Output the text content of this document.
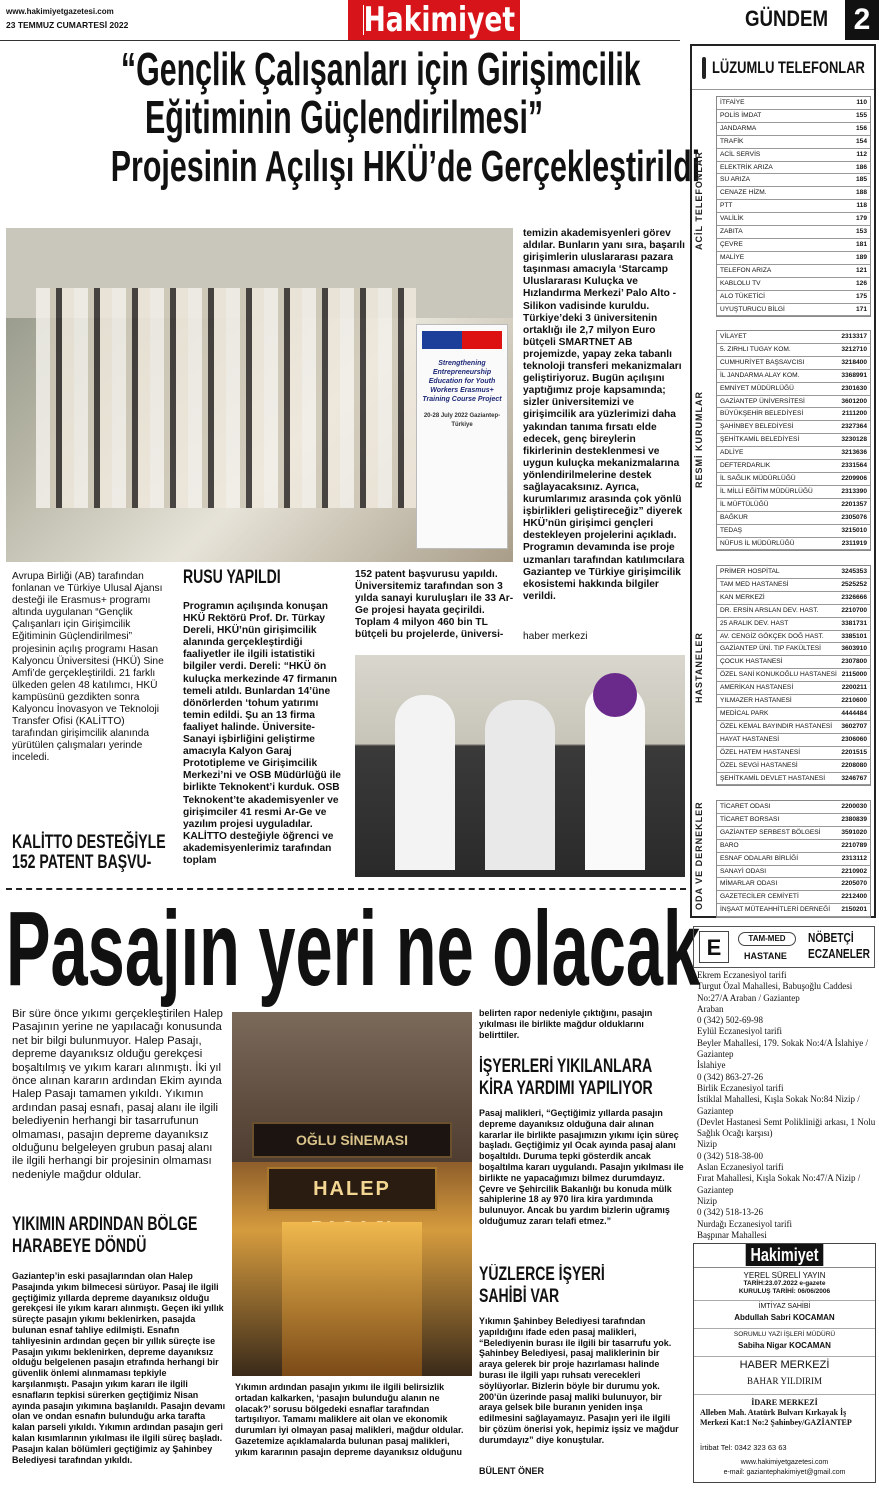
www.hakimiyetgazetesi.com
23 TEMMUZ CUMARTESİ 2022	Hakimiyet	GÜNDEM 2
“Gençlik Çalışanları için Girişimcilik
Eğitiminin Güçlendirilmesi”
Projesinin Açılışı HKÜ’de Gerçekleştirildi
Strengthening Entrepreneurship Education for Youth Workers Erasmus+ Training Course Project
20-28 July 2022 Gaziantep-Türkiye
temizin akademisyenleri görev aldılar. Bunların yanı sıra, başarılı girişimlerin uluslararası pazara taşınması amacıyla ‘Starcamp Uluslararası Kuluçka ve Hızlandırma Merkezi’ Palo Alto - Silikon vadisinde kuruldu. Türkiye’deki 3 üniversitenin ortaklığı ile 2,7 milyon Euro bütçeli SMARTNET AB projemizde, yapay zeka tabanlı teknoloji transferi mekanizmaları geliştiriyoruz. Bugün açılışını yaptığımız proje kapsamında; sizler üniversitemizi ve girişimcilik ara yüzlerimizi daha yakından tanıma fırsatı elde edecek, genç bireylerin fikirlerinin desteklenmesi ve uygun kuluçka mekanizmalarına yönlendirilmelerine destek sağlayacaksınız. Ayrıca, kurumlarımız arasında çok yönlü işbirlikleri geliştireceğiz” diyerek HKÜ’nün girişimci gençleri destekleyen projelerini açıkladı. Programın devamında ise proje uzmanları tarafından katılımcılara Gaziantep ve Türkiye girişimcilik ekosistemi hakkında bilgiler verildi.
haber merkezi
Avrupa Birliği (AB) tarafından fonlanan ve Türkiye Ulusal Ajansı desteği ile Erasmus+ programı altında uygulanan “Gençlik Çalışanları için Girişimcilik Eğitiminin Güçlendirilmesi” projesinin açılış programı Hasan Kalyoncu Üniversitesi (HKÜ) Sine Amfi’de gerçekleştirildi. 21 farklı ülkeden gelen 48 katılımcı, HKÜ kampüsünü gezdikten sonra Kalyoncu İnovasyon ve Teknoloji Transfer Ofisi (KALİTTO) tarafından girişimcilik alanında yürütülen çalışmaları yerinde inceledi.
KALİTTO DESTEĞİYLE 152 PATENT BAŞVU-
RUSU YAPILDI
Programın açılışında konuşan HKÜ Rektörü Prof. Dr. Türkay Dereli, HKÜ’nün girişimcilik alanında gerçekleştirdiği faaliyetler ile ilgili istatistiki bilgiler verdi. Dereli: “HKÜ ön kuluçka merkezinde 47 firmanın temeli atıldı. Bunlardan 14’üne dönörlerden ‘tohum yatırımı temin edildi. Şu an 13 firma faaliyet halinde. Üniversite-Sanayi işbirliğini geliştirme amacıyla Kalyon Garaj Prototipleme ve Girişimcilik Merkezi’ni ve OSB Müdürlüğü ile birlikte Teknokent’i kurduk. OSB Teknokent’te akademisyenler ve girişimciler 41 resmi Ar-Ge ve yazılım projesi uyguladılar. KALİTTO desteğiyle öğrenci ve akademisyenlerimiz tarafından toplam
152 patent başvurusu yapıldı. Üniversitemiz tarafından son 3 yılda sanayi kuruluşları ile 33 Ar-Ge projesi hayata geçirildi. Toplam 4 milyon 460 bin TL bütçeli bu projelerde, üniversi-
Pasajın yeri ne olacak
Bir süre önce yıkımı gerçekleştirilen Halep Pasajının yerine ne yapılacağı konusunda net bir bilgi bulunmuyor. Halep Pasajı, depreme dayanıksız olduğu gerekçesi boşaltılmış ve yıkım kararı alınmıştı. İki yıl önce alınan kararın ardından Ekim ayında Halep Pasajı tamamen yıkıldı. Yıkımın ardından pasaj esnafı, pasaj alanı ile ilgili belediyenin herhangi bir tasarrufunun olmaması, pasajın depreme dayanıksız olduğunu belgeleyen grubun pasaj alanı ile ilgili herhangi bir projesinin olmaması nedeniyle mağdur oldular.
YIKIMIN ARDINDAN BÖLGE HARABEYE DÖNDÜ
Gaziantep’in eski pasajlarından olan Halep Pasajında yıkım bilmecesi sürüyor. Pasaj ile ilgili geçtiğimiz yıllarda depreme dayanıksız olduğu gerekçesi ile yıkım kararı alınmıştı. Geçen iki yıllık süreçte pasajın yıkımı beklenirken, pasajda bulunan esnaf tahliye edilmişti. Esnafın tahliyesinin ardından geçen bir yıllık süreçte ise Pasajın yıkımı beklenirken, depreme dayanıksız olduğu belgelenen pasajın etrafında herhangi bir güvenlik önlemi alınmaması tepkiyle karşılanmıştı. Pasajın yıkım kararı ile ilgili esnafların tepkisi sürerken geçtiğimiz Nisan ayında pasajın yıkımına başlanıldı. Pasajın devamı olan ve ondan esnafın bulunduğu arka tarafta kalan parseli yıkıldı. Yıkımın ardından pasajın geri kalan kısımlarının yıkılması ile ilgili süreç başladı. Pasajın kalan bölümleri geçtiğimiz ay Şahinbey Belediyesi tarafından yıkıldı.
OĞLU SİNEMASI
HALEP
Yıkımın ardından pasajın yıkımı ile ilgili belirsizlik ortadan kalkarken, ‘pasajın bulunduğu alanın ne olacak?’ sorusu bölgedeki esnaflar tarafından tartışılıyor. Tamamı maliklere ait olan ve ekonomik durumları iyi olmayan pasaj malikleri, mağdur oldular. Gazetemize açıklamalarda bulunan pasaj malikleri, yıkım kararının pasajın depreme dayanıksız olduğunu
belirten rapor nedeniyle çıktığını, pasajın yıkılması ile birlikte mağdur olduklarını belirttiler.
İŞYERLERİ YIKILANLARA KİRA YARDIMI YAPILIYOR
Pasaj malikleri, “Geçtiğimiz yıllarda pasajın depreme dayanıksız olduğuna dair alınan kararlar ile birlikte pasajımızın yıkımı için süreç başladı. Geçtiğimiz yıl Ocak ayında pasaj alanı boşaltıldı. Duruma tepki gösterdik ancak boşaltılma kararı uygulandı. Pasajın yıkılması ile birlikte ne yapacağımızı bilmez durumdayız. Çevre ve Şehircilik Bakanlığı bu konuda mülk sahiplerine 18 ay 970 lira kira yardımında bulunuyor. Ancak bu yardım bizlerin uğramış olduğumuz zararı telafi etmez.”
YÜZLERCE İŞYERİ SAHİBİ VAR
Yıkımın Şahinbey Belediyesi tarafından yapıldığını ifade eden pasaj malikleri, “Belediyenin burası ile ilgili bir tasarrufu yok. Şahinbey Belediyesi, pasaj maliklerinin bir araya gelerek bir proje hazırlaması halinde burası ile ilgili yapı ruhsatı verecekleri söylüyorlar. Bizlerin böyle bir durumu yok. 200’ün üzerinde pasaj maliki bulunuyor, bir araya gelsek bile buranın yeniden inşa edilmesini sağlayamayız. Pasajın yeri ile ilgili bir çözüm önerisi yok, hepimiz işsiz ve mağdur durumdayız” diye konuştular.
BÜLENT ÖNER
LÜZUMLU TELEFONLAR
ACİL TELEFONLAR
İTFAİYE	110
POLİS İMDAT	155
JANDARMA	156
TRAFİK	154
ACİL SERVİS	112
ELEKTRİK ARIZA	186
SU ARIZA	185
CENAZE HİZM.	188
PTT	118
VALİLİK	179
ZABITA	153
ÇEVRE	181
MALİYE	189
TELEFON ARIZA	121
KABLOLU TV	126
ALO TÜKETİCİ	175
UYUŞTURUCU BİLGİ	171
RESMİ KURUMLAR
VİLAYET	2313317
5. ZIRHLI TUGAY KOM.	3212710
CUMHURİYET BAŞSAVCISI	3218400
İL JANDARMA ALAY KOM.	3368991
EMNİYET MÜDÜRLÜĞÜ	2301630
GAZİANTEP ÜNİVERSİTESİ	3601200
BÜYÜKŞEHİR BELEDİYESİ	2111200
ŞAHİNBEY BELEDİYESİ	2327364
ŞEHİTKAMİL BELEDİYESİ	3230128
ADLİYE	3213636
DEFTERDARLIK	2331564
İL SAĞLIK MÜDÜRLÜĞÜ	2209906
İL MİLLİ EĞİTİM MÜDÜRLÜĞÜ	2313390
İL MÜFTÜLÜĞÜ	2201357
BAĞKUR	2305076
TEDAŞ	3215010
NÜFUS İL MÜDÜRLÜĞÜ	2311919
HASTANELER
PRİMER HOSPİTAL	3245353
TAM MED HASTANESİ	2525252
KAN MERKEZİ	2326666
DR. ERSİN ARSLAN DEV. HAST.	2210700
25 ARALIK DEV. HAST	3381731
AV. CENGİZ GÖKÇEK DOĞ HAST.	3385101
GAZİANTEP ÜNİ. TIP FAKÜLTESİ	3603910
ÇOCUK HASTANESİ	2307800
ÖZEL SANİ KONUKOĞLU HASTANESİ 2115000
AMERİKAN HASTANESİ	2200211
YILMAZER HASTANESİ	2210600
MEDİCAL PARK	4444484
ÖZEL KEMAL BAYINDIR HASTANESİ 3602707
HAYAT HASTANESİ	2306060
ÖZEL HATEM HASTANESİ	2201515
ÖZEL SEVGİ HASTANESİ	2208080
ŞEHİTKAMİL DEVLET HASTANESİ 3246767
ODA VE DERNEKLER TİCARET ODASI	2200030
TİCARET BORSASI	2380839
GAZİANTEP SERBEST BÖLGESİ	3591020
BARO	2210789
ESNAF ODALARI BİRLİĞİ	2313112
SANAYİ ODASI	2210902
MİMARLAR ODASI	2205070
GAZETECİLER CEMİYETİ	2212400
İNŞAAT MÜTEAHHİTLERİ DERNEĞİ 2150201
E	TAM-MED
HASTANE
NÖBETÇİ
ECZANELER
Ekrem Eczanesiyol tarifi
Turgut Özal Mahallesi, Babuşoğlu Caddesi No:27/A Araban / Gaziantep
Araban
0 (342) 502-69-98
Eylül Eczanesiyol tarifi
Beyler Mahallesi, 179. Sokak No:4/A İslahiye / Gaziantep
İslahiye
0 (342) 863-27-26
Birlik Eczanesiyol tarifi
İstiklal Mahallesi, Kışla Sokak No:84 Nizip / Gaziantep
(Devlet Hastanesi Semt Polikliniği arkası, 1 Nolu Sağlık Ocağı karşısı)
Nizip
0 (342) 518-38-00
Aslan Eczanesiyol tarifi
Fırat Mahallesi, Kışla Sokak No:47/A Nizip / Gaziantep
Nizip
0 (342) 518-13-26
Nurdağı Eczanesiyol tarifi
Başpınar Mahallesi
Hakimiyet
YEREL SÜRELİ YAYIN
TARİH:23.07.2022 e-gazete
KURULUŞ TARİHİ: 06/06/2006
İMTİYAZ SAHİBİ
Abdullah Sabri KOCAMAN
SORUMLU YAZI İŞLERİ MÜDÜRÜ
Sabiha Nigar KOCAMAN
HABER MERKEZİ
BAHAR YILDIRIM
İDARE MERKEZİ
Alleben Mah. Atatürk Bulvarı Kırkayak İş Merkezi Kat:1 No:2 Şahinbey/GAZİANTEP
İrtibat Tel: 0342 323 63 63
www.hakimiyetgazetesi.com
e-mail: gaziantephakimiyet@gmail.com
